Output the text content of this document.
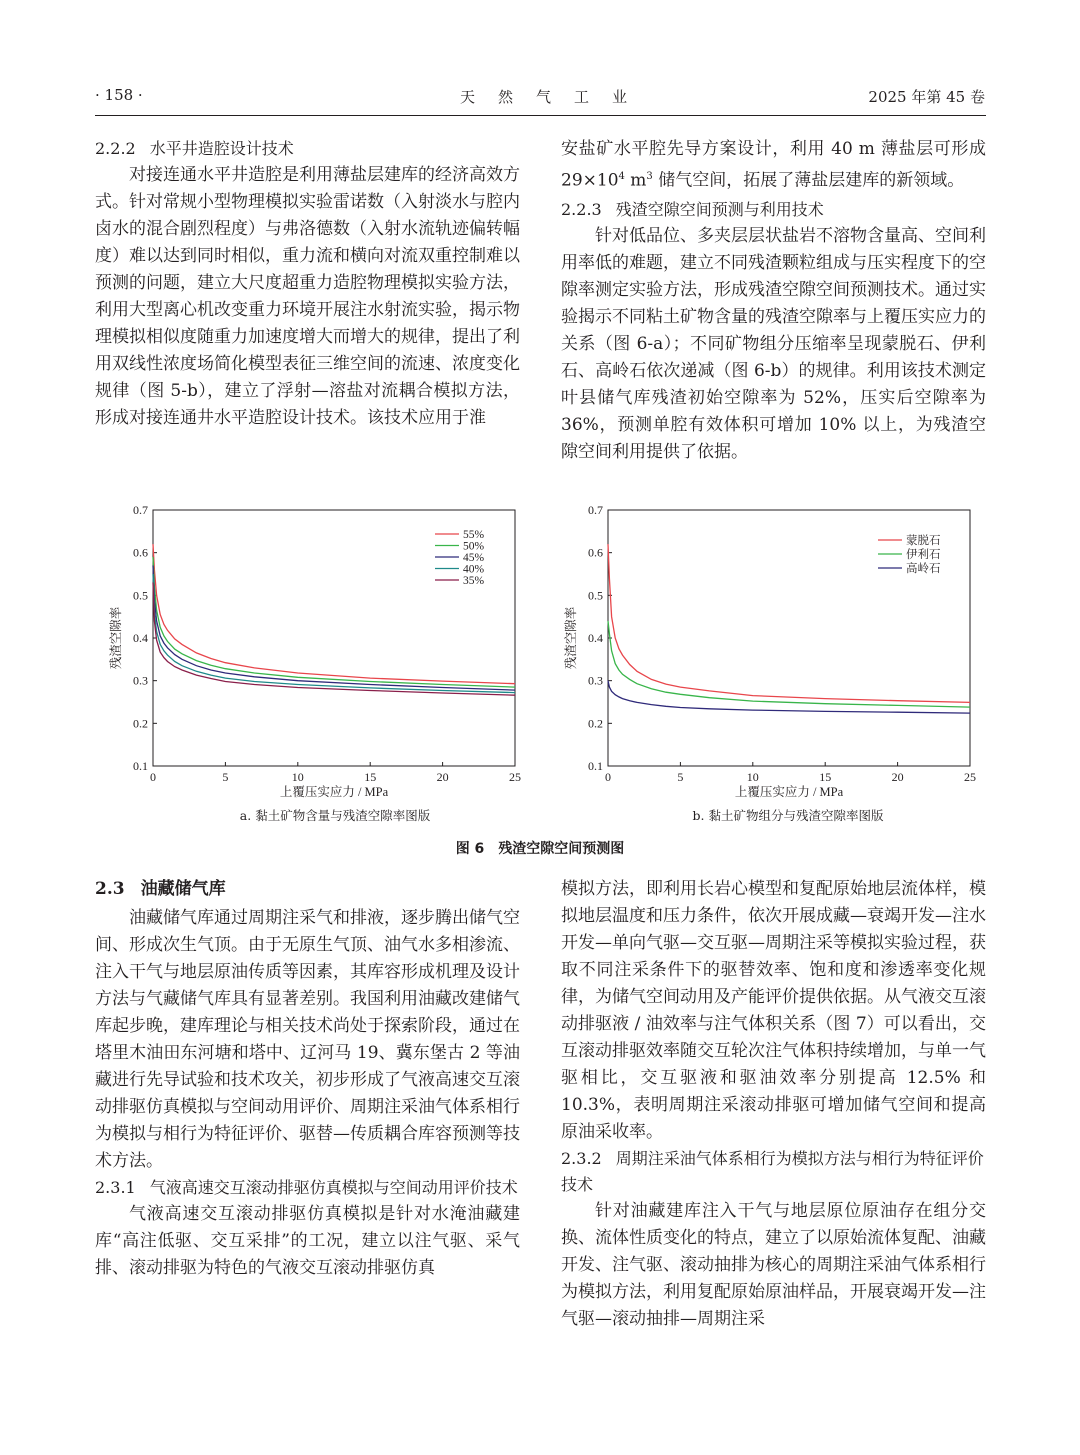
· 158 ·	天　然　气　工　业	2025 年第 45 卷
2.2.2 水平井造腔设计技术

对接连通水平井造腔是利用薄盐层建库的经济高效方式。针对常规小型物理模拟实验雷诺数（入射淡水与腔内卤水的混合剧烈程度）与弗洛德数（入射水流轨迹偏转幅度）难以达到同时相似，重力流和横向对流双重控制难以预测的问题，建立大尺度超重力造腔物理模拟实验方法，利用大型离心机改变重力环境开展注水射流实验，揭示物理模拟相似度随重力加速度增大而增大的规律，提出了利用双线性浓度场简化模型表征三维空间的流速、浓度变化规律（图 5-b），建立了浮射—溶盐对流耦合模拟方法，形成对接连通井水平造腔设计技术。该技术应用于淮

安盐矿水平腔先导方案设计，利用 40 m 薄盐层可形成$29\times 10^4$ $m^3$ 储气空间，拓展了薄盐层建库的新领域。

2.2.3 残渣空隙空间预测与利用技术

针对低品位、多夹层层状盐岩不溶物含量高、空间利用率低的难题，建立不同残渣颗粒组成与压实程度下的空隙率测定实验方法，形成残渣空隙空间预测技术。通过实验揭示不同粘土矿物含量的残渣空隙率与上覆压实应力的关系（图 6-a）；不同矿物组分压缩率呈现蒙脱石、伊利石、高岭石依次递减（图 6-b）的规律。利用该技术测定叶县储气库残渣初始空隙率为 52%，压实后空隙率为 36%，预测单腔有效体积可增加 10% 以上，为残渣空隙空间利用提供了依据。

0.1
0.2
0.3
0.4
0.5
0.6
0.7
0	5	10	15	20	25
上覆压实应力 / MPa
残渣空隙率
55%
50%
45%
40%
35%
0.1
0.2
0.3
0.4
0.5
0.6
0.7
0	5	10	15	20	25
上覆压实应力 / MPa
残渣空隙率
蒙脱石
伊利石
高岭石
a. 黏土矿物含量与残渣空隙率图版	b. 黏土矿物组分与残渣空隙率图版
图 6　 残渣空隙空间预测图
2.3 油藏储气库

油藏储气库通过周期注采气和排液，逐步腾出储气空间、形成次生气顶。由于无原生气顶、油气水多相渗流、注入干气与地层原油传质等因素，其库容形成机理及设计方法与气藏储气库具有显著差别。我国利用油藏改建储气库起步晚，建库理论与相关技术尚处于探索阶段，通过在塔里木油田东河塘和塔中、辽河马 19、冀东堡古 2 等油藏进行先导试验和技术攻关，初步形成了气液高速交互滚动排驱仿真模拟与空间动用评价、周期注采油气体系相行为模拟与相行为特征评价、驱替—传质耦合库容预测等技术方法。

2.3.1 气液高速交互滚动排驱仿真模拟与空间动用评价技术

气液高速交互滚动排驱仿真模拟是针对水淹油藏建库“高注低驱、交互采排”的工况，建立以注气驱、采气排、滚动排驱为特色的气液交互滚动排驱仿真

模拟方法，即利用长岩心模型和复配原始地层流体样，模拟地层温度和压力条件，依次开展成藏—衰竭开发—注水开发—单向气驱—交互驱—周期注采等模拟实验过程，获取不同注采条件下的驱替效率、饱和度和渗透率变化规律，为储气空间动用及产能评价提供依据。从气液交互滚动排驱液 / 油效率与注气体积关系（图 7）可以看出，交互滚动排驱效率随交互轮次注气体积持续增加，与单一气驱相比，交互驱液和驱油效率分别提高 12.5% 和 10.3%，表明周期注采滚动排驱可增加储气空间和提高原油采收率。

2.3.2 周期注采油气体系相行为模拟方法与相行为特征评价技术

针对油藏建库注入干气与地层原位原油存在组分交换、流体性质变化的特点，建立了以原始流体复配、油藏开发、注气驱、滚动抽排为核心的周期注采油气体系相行为模拟方法，利用复配原始原油样品，开展衰竭开发—注气驱—滚动抽排—周期注采
